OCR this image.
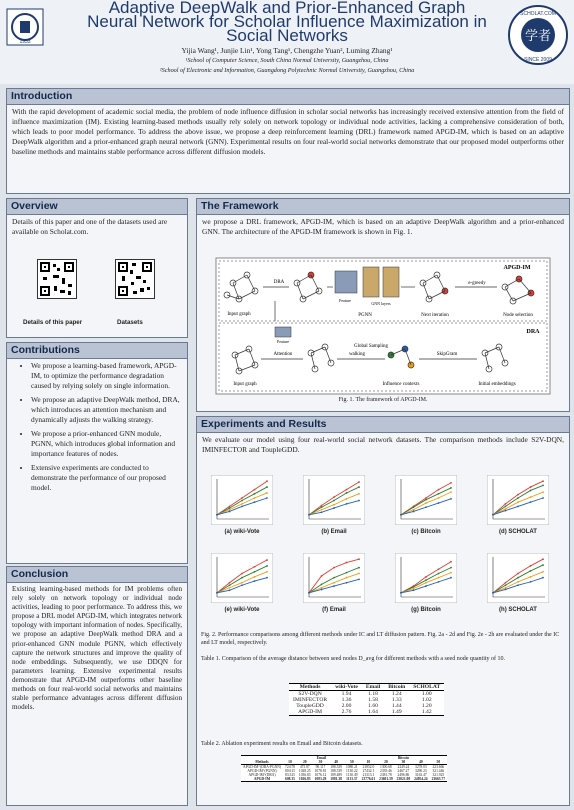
1933
Adaptive DeepWalk and Prior-Enhanced Graph
Neural Network for Scholar Influence Maximization in
Social Networks
Yijia Wang¹, Junjie Lin¹, Yong Tang¹, Chengzhe Yuan², Luming Zhang¹
¹School of Computer Science, South China Normal University, Guangzhou, China
²School of Electronic and Information, Guangdong Polytechnic Normal University, Guangzhou, China
学者
SCHOLAT.COM
SINCE 2009
Introduction
With the rapid development of academic social media, the problem of node influence diffusion in scholar social networks has increasingly received extensive attention from the field of influence maximization (IM). Existing learning-based methods usually rely solely on network topology or individual node activities, lacking a comprehensive consideration of both, which leads to poor model performance. To address the above issue, we propose a deep reinforcement learning (DRL) framework named APGD-IM, which is based on an adaptive DeepWalk algorithm and a prior-enhanced graph neural network (GNN). Experimental results on four real-world social networks demonstrate that our proposed model outperforms other baseline methods and maintains stable performance across different diffusion models.
Overview
Details of this paper and one of the datasets used are available on Scholat.com.
Details of this paper	Datasets
Contributions
• We propose a learning-based framework, APGD-IM, to optimize the performance degradation caused by relying solely on single information.
• We propose an adaptive DeepWalk method, DRA, which introduces an attention mechanism and dynamically adjusts the walking strategy.
• We propose a prior-enhanced GNN module, PGNN, which introduces global information and importance features of nodes.
• Extensive experiments are conducted to demonstrate the performance of our proposed model.
Conclusion
Existing learning-based methods for IM problems often rely solely on network topology or individual node activities, leading to poor performance. To address this, we propose a DRL model APGD-IM, which integrates network topology with important information of nodes. Specifically, we propose an adaptive DeepWalk method DRA and a prior-enhanced GNN module PGNN, which effectively capture the network structures and improve the quality of node embeddings. Subsequently, we use DDQN for parameters learning. Extensive experimental results demonstrate that APGD-IM outperforms other baseline methods on four real-world social networks and maintains stable performance advantages across different diffusion models.
The Framework
we propose a DRL framework, APGD-IM, which is based on an adaptive DeepWalk algorithm and a prior-enhanced GNN. The architecture of the APGD-IM framework is shown in Fig. 1.
APGD-IM
DRA
Input graph
Feature
GNN layers
PGNN	Next iteration	Node selection
e-greedy
DRA
Attention
Feature
walking
Global Sampling
SkipGram
Input graph	Influence contexts	Initial embeddings
Fig. 1. The framework of APGD-IM.
Experiments and Results
We evaluate our model using four real-world social network datasets. The comparison methods include S2V-DQN, IMINFECTOR and ToupleGDD.
(a) wiki-Vote	(b) Email	(c) Bitcoin	(d) SCHOLAT
(e) wiki-Vote	(f) Email	(g) Bitcoin	(h) SCHOLAT
Fig. 2. Performance comparisons among different methods under IC and LT diffusion pattern. Fig. 2a - 2d and Fig. 2e - 2h are evaluated under the IC and LT model, respectively.
Table 1. Comparison of the average distance between seed nodes D_avg for different methods with a seed node quantity of 10.
Methods	wiki-Vote	Email	Bitcoin	SCHOLAT
S2V-DQN	1.94	1.18	1.24	1.00
IMINFECTOR	1.36	1.58	1.33	1.02
ToupleGDD	2.00	1.60	1.44	1.20
APGD-IM	2.76	1.64	1.49	1.42
Table 2. Ablation experiment results on Email and Bitcoin datasets.
	Email					Bitcoin				
Methods	10	20	30	40	50	10	20	30	40	50
APGD-IM^(DRA-PGNN)	72.678	475.87	90.117	188.539	1080.21	21852.0	1300.68	2249.24	3278.03	223.666
APGD-IM^(PGNN)	80.615	1028.25	1078.81	188.539	1130.22	27432.1	2339.46	2467.27	3290.23	321.446
APGD-IM^(DRA)	83.525	1036.83	1076.12	189.489	1130.49	21313.1	2381.78	2496.86	3163.47	321.925
APGD-IM	608.35	1026.83	1083.29	1081.38	1113.37	23776.61	23601.39	23021.08	24054.24	23663.77
